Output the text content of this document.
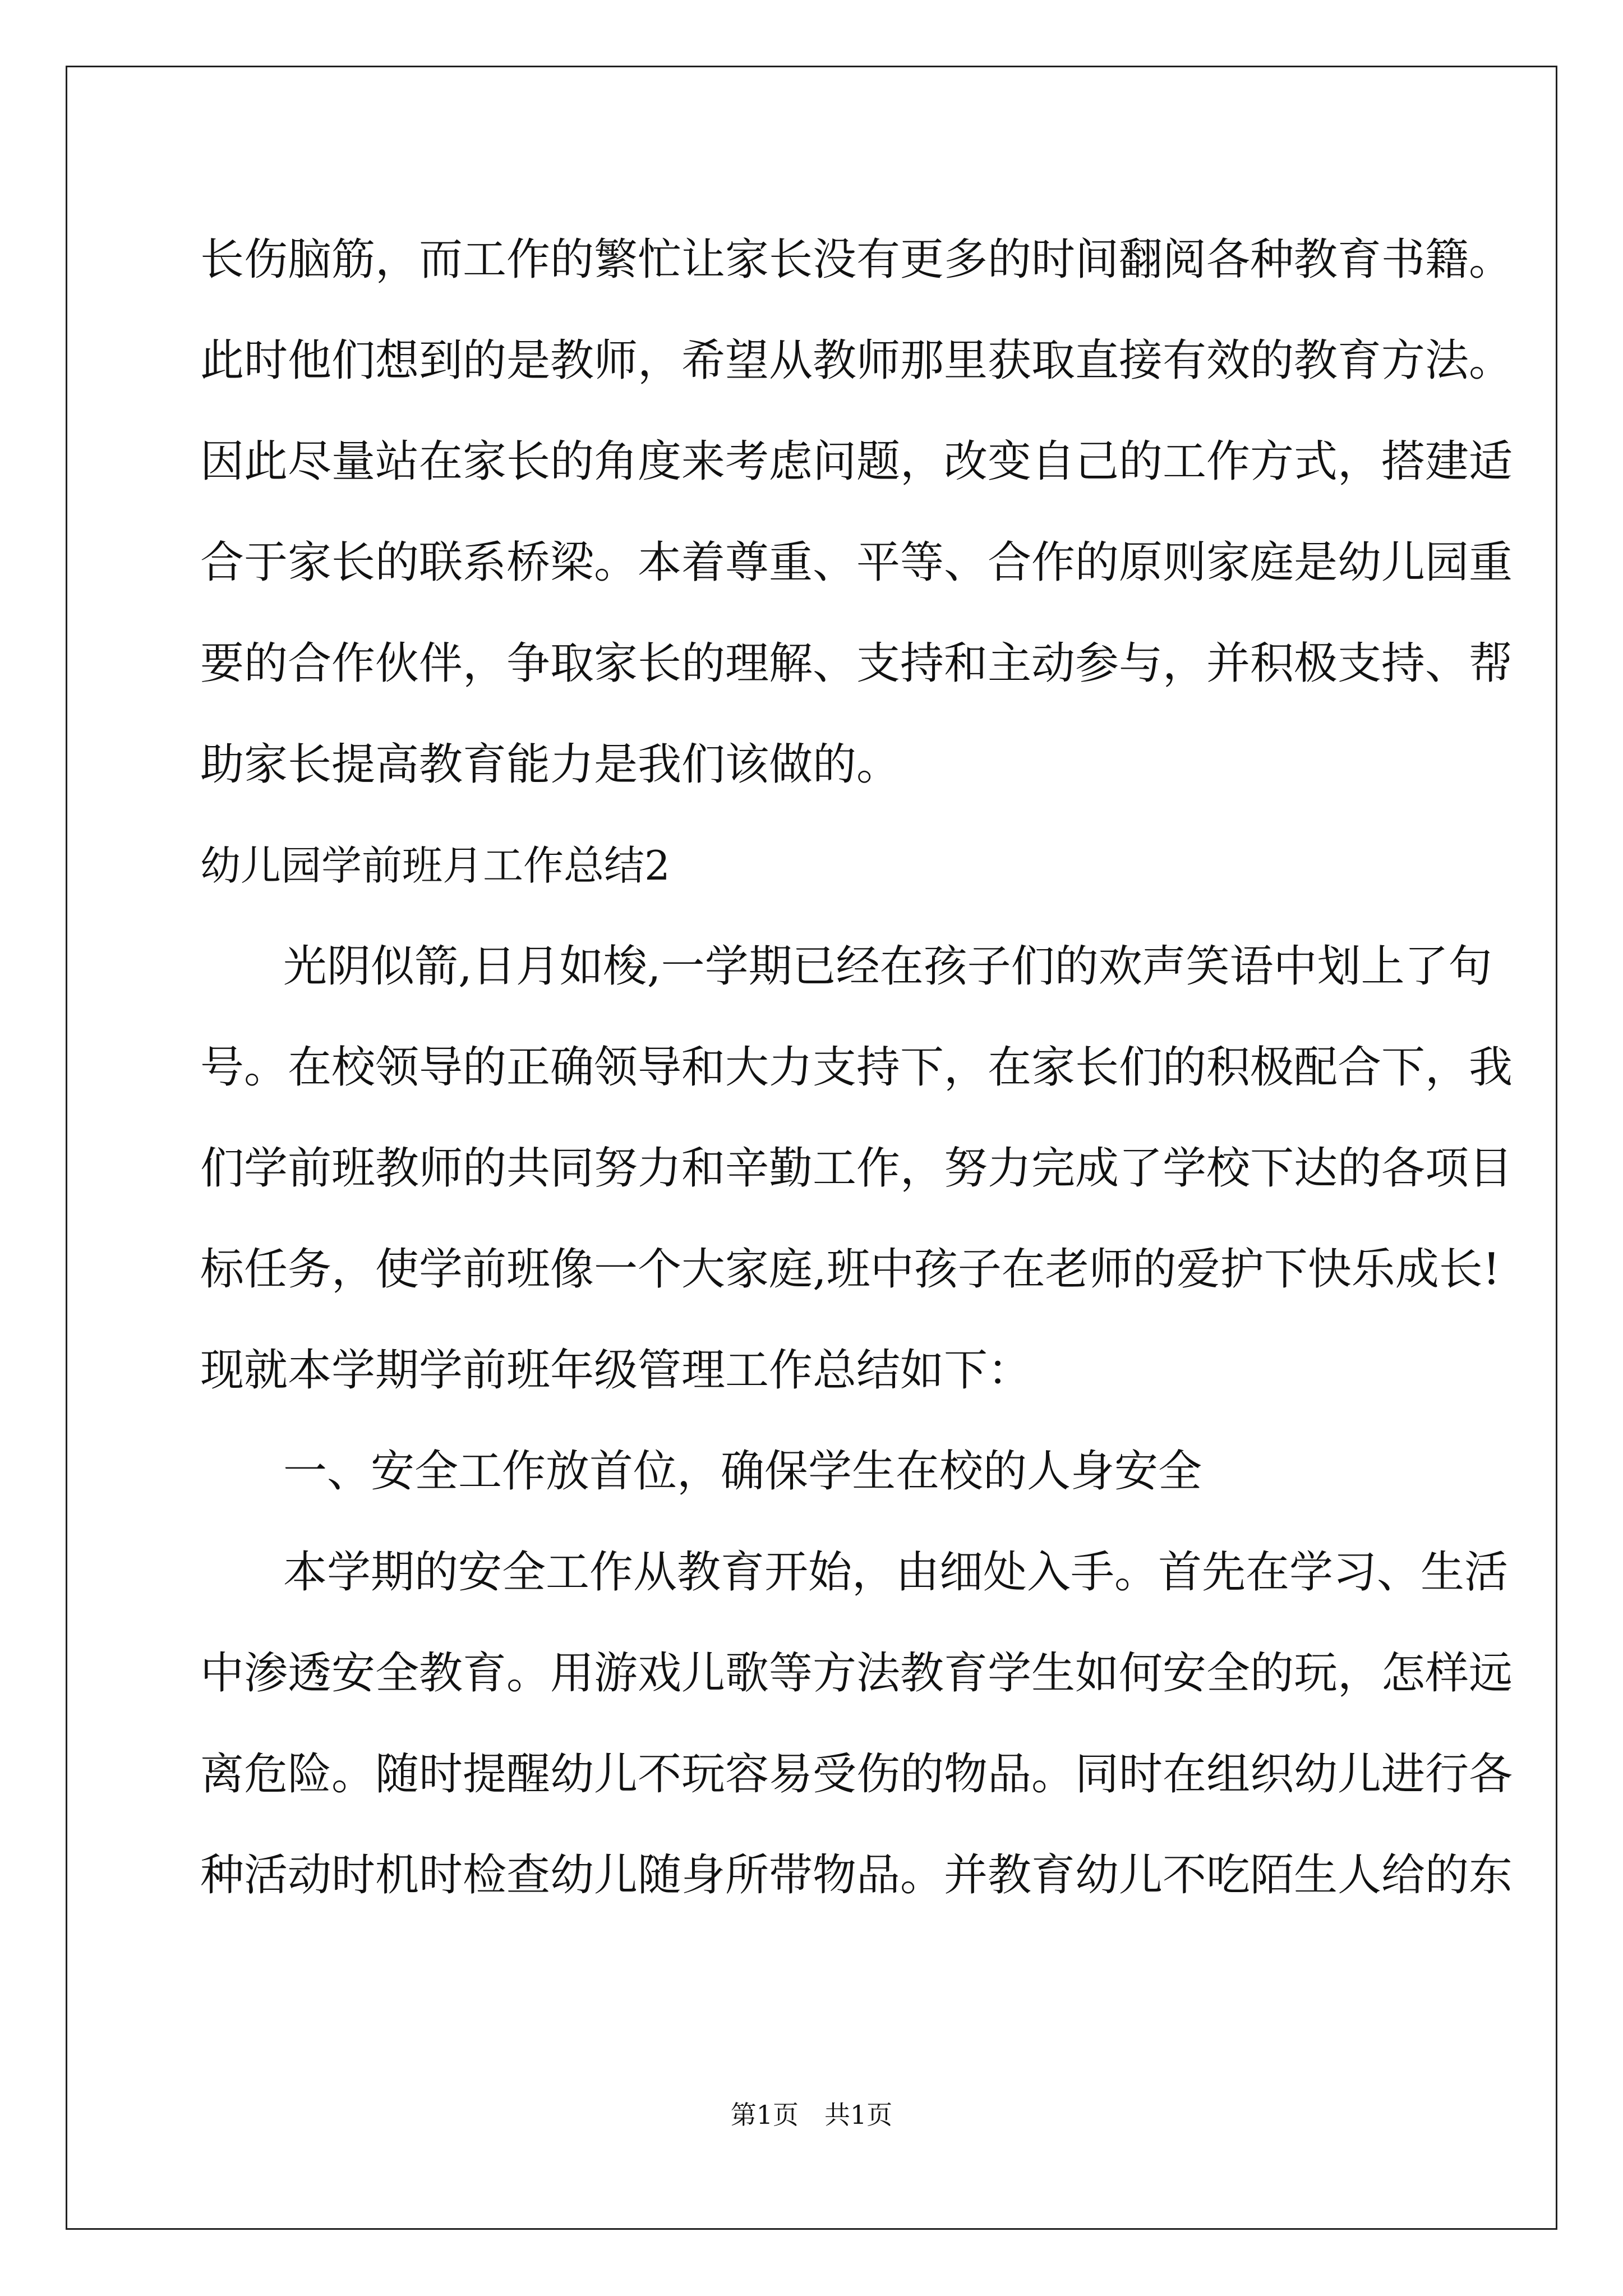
长伤脑筋，而工作的繁忙让家长没有更多的时间翻阅各种教育书籍。
此时他们想到的是教师，希望从教师那里获取直接有效的教育方法。
因此尽量站在家长的角度来考虑问题，改变自己的工作方式，搭建适
合于家长的联系桥梁。本着尊重、平等、合作的原则家庭是幼儿园重
要的合作伙伴，争取家长的理解、支持和主动参与，并积极支持、帮
助家长提高教育能力是我们该做的。
幼儿园学前班月工作总结2
光阴似箭,日月如梭,一学期已经在孩子们的欢声笑语中划上了句
号。在校领导的正确领导和大力支持下，在家长们的积极配合下，我
们学前班教师的共同努力和辛勤工作，努力完成了学校下达的各项目
标任务，使学前班像一个大家庭,班中孩子在老师的爱护下快乐成长!
现就本学期学前班年级管理工作总结如下：
一、安全工作放首位，确保学生在校的人身安全
本学期的安全工作从教育开始，由细处入手。首先在学习、生活
中渗透安全教育。用游戏儿歌等方法教育学生如何安全的玩，怎样远
离危险。随时提醒幼儿不玩容易受伤的物品。同时在组织幼儿进行各
种活动时机时检查幼儿随身所带物品。并教育幼儿不吃陌生人给的东
第1页　共1页
